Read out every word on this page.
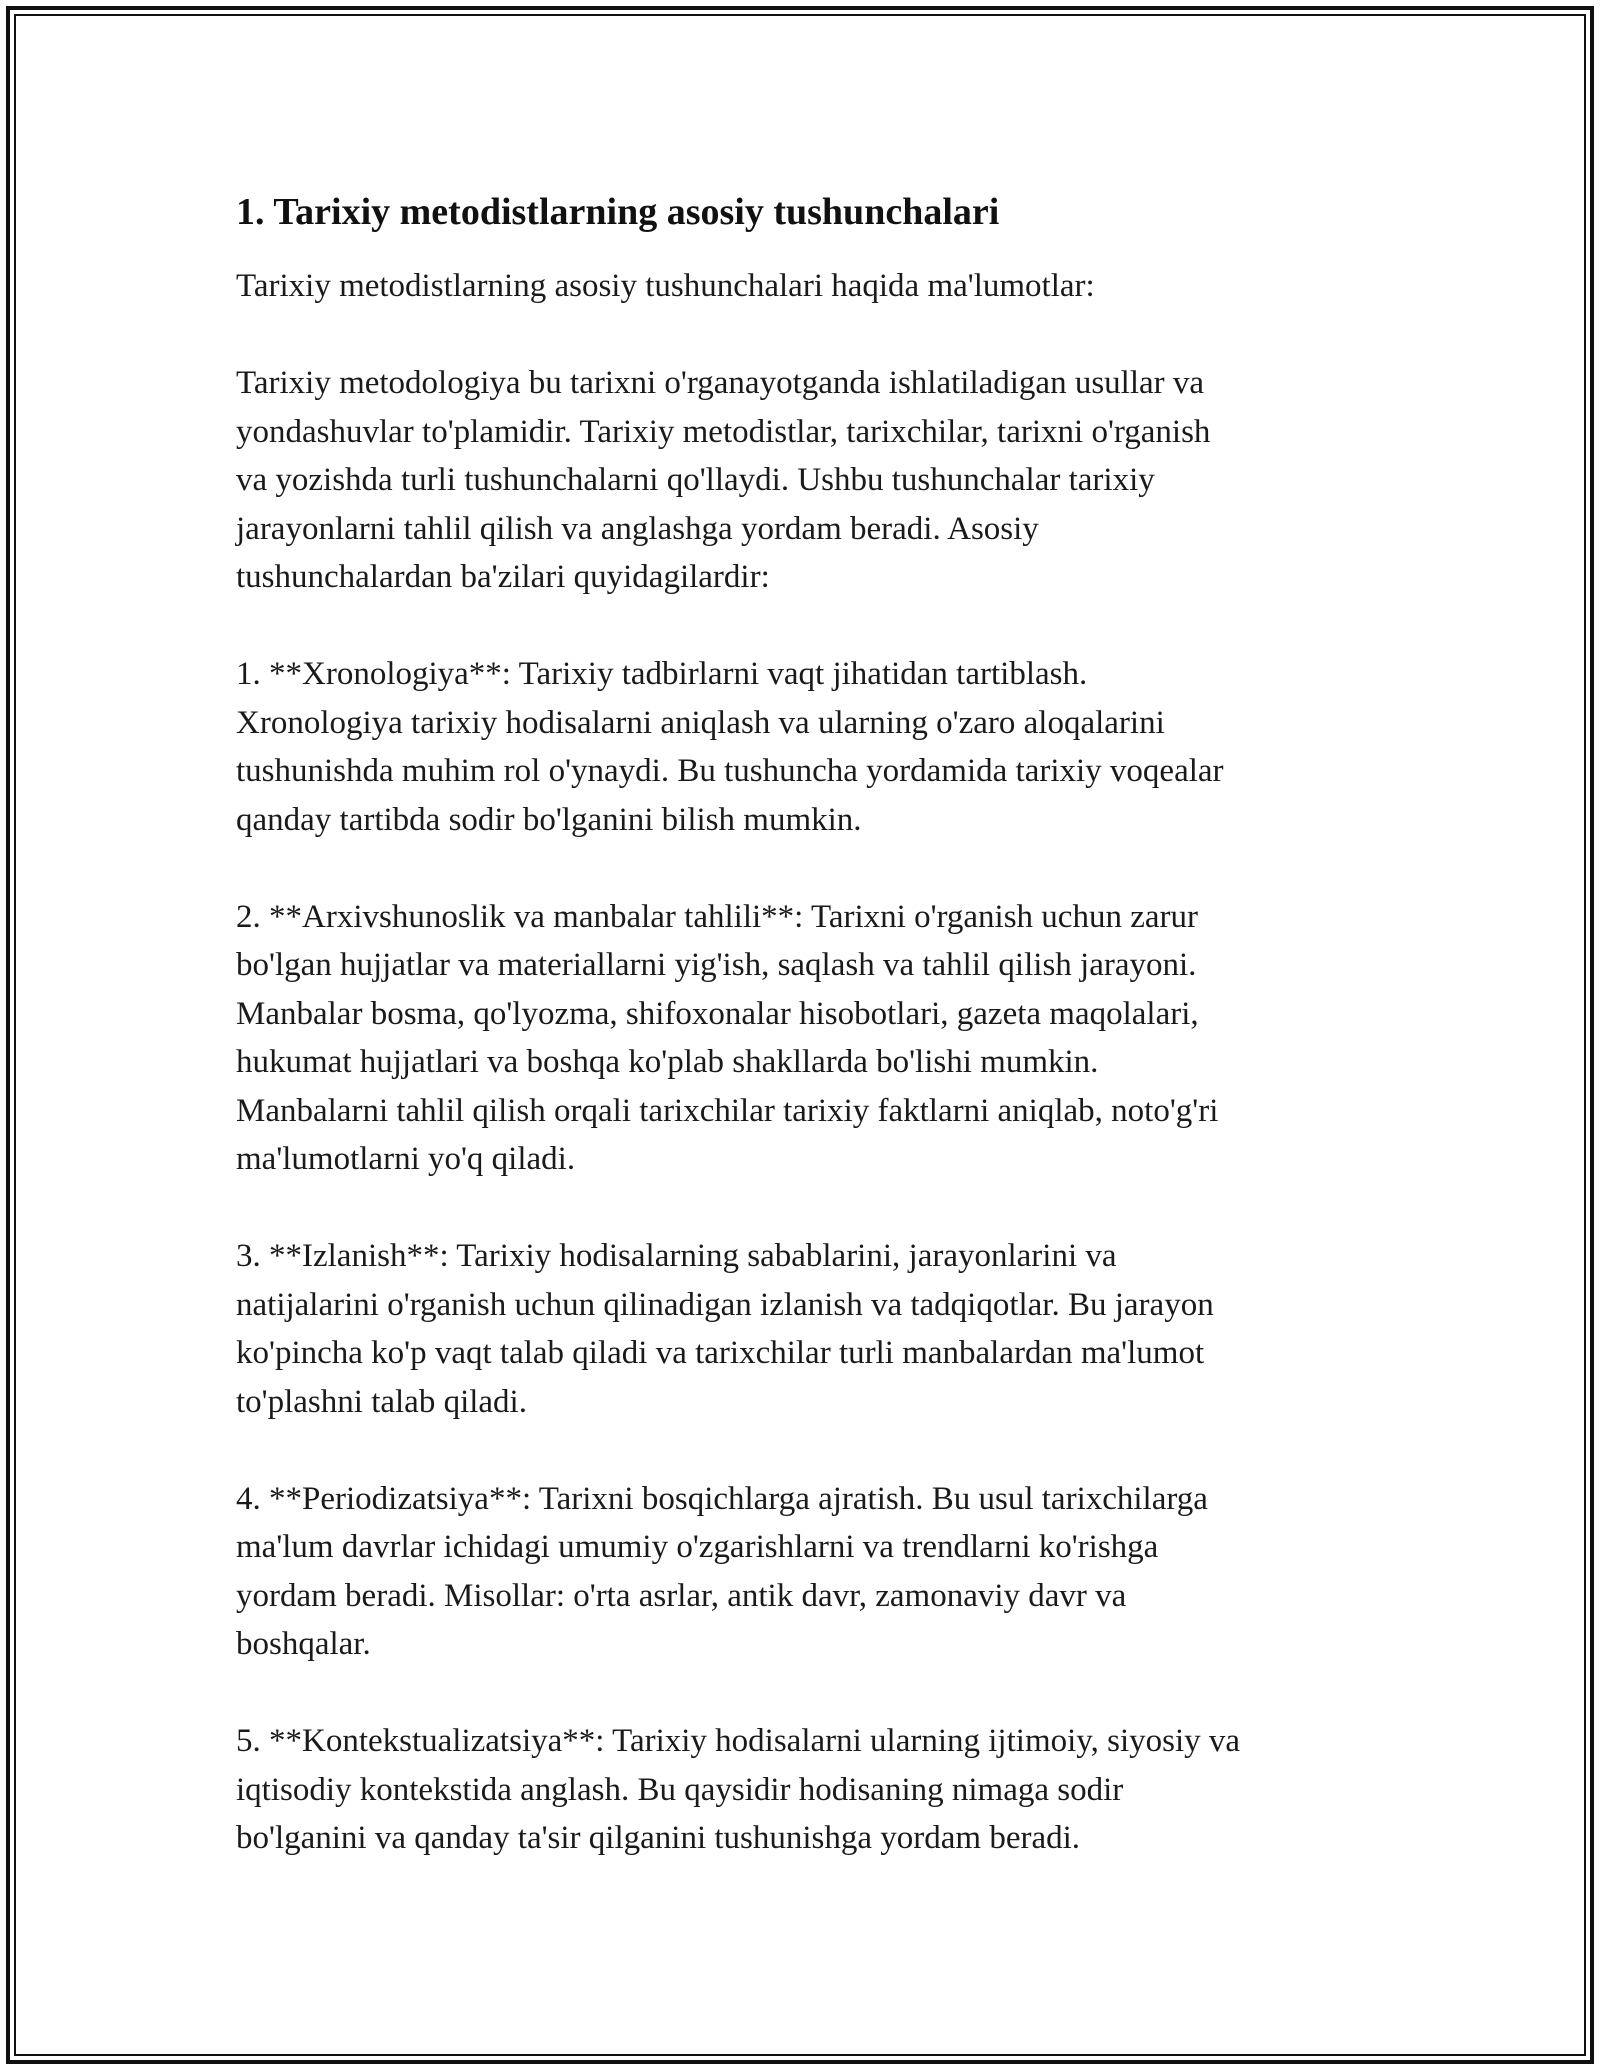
1. Tarixiy metodistlarning asosiy tushunchalari

Tarixiy metodistlarning asosiy tushunchalari haqida ma'lumotlar:

Tarixiy metodologiya bu tarixni o'rganayotganda ishlatiladigan usullar va
yondashuvlar to'plamidir. Tarixiy metodistlar, tarixchilar, tarixni o'rganish
va yozishda turli tushunchalarni qo'llaydi. Ushbu tushunchalar tarixiy
jarayonlarni tahlil qilish va anglashga yordam beradi. Asosiy
tushunchalardan ba'zilari quyidagilardir:

1. **Xronologiya**: Tarixiy tadbirlarni vaqt jihatidan tartiblash.
Xronologiya tarixiy hodisalarni aniqlash va ularning o'zaro aloqalarini
tushunishda muhim rol o'ynaydi. Bu tushuncha yordamida tarixiy voqealar
qanday tartibda sodir bo'lganini bilish mumkin.

2. **Arxivshunoslik va manbalar tahlili**: Tarixni o'rganish uchun zarur
bo'lgan hujjatlar va materiallarni yig'ish, saqlash va tahlil qilish jarayoni.
Manbalar bosma, qo'lyozma, shifoxonalar hisobotlari, gazeta maqolalari,
hukumat hujjatlari va boshqa ko'plab shakllarda bo'lishi mumkin.
Manbalarni tahlil qilish orqali tarixchilar tarixiy faktlarni aniqlab, noto'g'ri
ma'lumotlarni yo'q qiladi.

3. **Izlanish**: Tarixiy hodisalarning sabablarini, jarayonlarini va
natijalarini o'rganish uchun qilinadigan izlanish va tadqiqotlar. Bu jarayon
ko'pincha ko'p vaqt talab qiladi va tarixchilar turli manbalardan ma'lumot
to'plashni talab qiladi.

4. **Periodizatsiya**: Tarixni bosqichlarga ajratish. Bu usul tarixchilarga
ma'lum davrlar ichidagi umumiy o'zgarishlarni va trendlarni ko'rishga
yordam beradi. Misollar: o'rta asrlar, antik davr, zamonaviy davr va
boshqalar.

5. **Kontekstualizatsiya**: Tarixiy hodisalarni ularning ijtimoiy, siyosiy va
iqtisodiy kontekstida anglash. Bu qaysidir hodisaning nimaga sodir
bo'lganini va qanday ta'sir qilganini tushunishga yordam beradi.
